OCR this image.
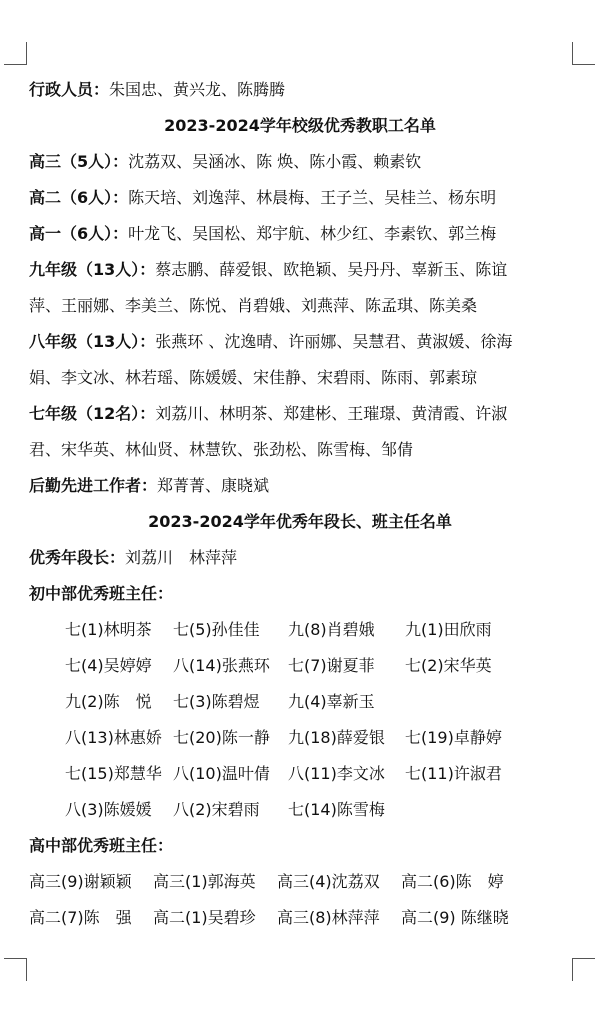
行政人员：朱国忠、黄兴龙、陈腾腾
2023-2024学年校级优秀教职工名单
高三（5人）：沈荔双、吴涵冰、陈 焕、陈小霞、赖素钦
高二（6人）：陈天培、刘逸萍、林晨梅、王子兰、吴桂兰、杨东明
高一（6人）：叶龙飞、吴国松、郑宇航、林少红、李素钦、郭兰梅
九年级（13人）：蔡志鹏、薛爱银、欧艳颖、吴丹丹、辜新玉、陈谊
萍、王丽娜、李美兰、陈悦、肖碧娥、刘燕萍、陈孟琪、陈美桑
八年级（13人）：张燕环 、沈逸晴、许丽娜、吴慧君、黄淑媛、徐海
娟、李文冰、林若瑶、陈媛媛、宋佳静、宋碧雨、陈雨、郭素琼
七年级（12名）：刘荔川、林明茶、郑建彬、王璀璟、黄清霞、许淑
君、宋华英、林仙贤、林慧钦、张劲松、陈雪梅、邹倩
后勤先进工作者：郑菁菁、康晓斌
2023-2024学年优秀年段长、班主任名单
优秀年段长：刘荔川　林萍萍
初中部优秀班主任：
七(1)林明茶 七(5)孙佳佳 九(8)肖碧娥 九(1)田欣雨
七(4)吴婷婷 八(14)张燕环 七(7)谢夏菲 七(2)宋华英
九(2)陈　悦 七(3)陈碧煜 九(4)辜新玉
八(13)林惠娇 七(20)陈一静 九(18)薛爱银 七(19)卓静婷
七(15)郑慧华 八(10)温叶倩 八(11)李文冰 七(11)许淑君
八(3)陈媛媛 八(2)宋碧雨 七(14)陈雪梅
高中部优秀班主任：
高三(9)谢颖颖 高三(1)郭海英 高三(4)沈荔双 高二(6)陈　婷
高二(7)陈　强 高二(1)吴碧珍 高三(8)林萍萍 高二(9) 陈继晓
